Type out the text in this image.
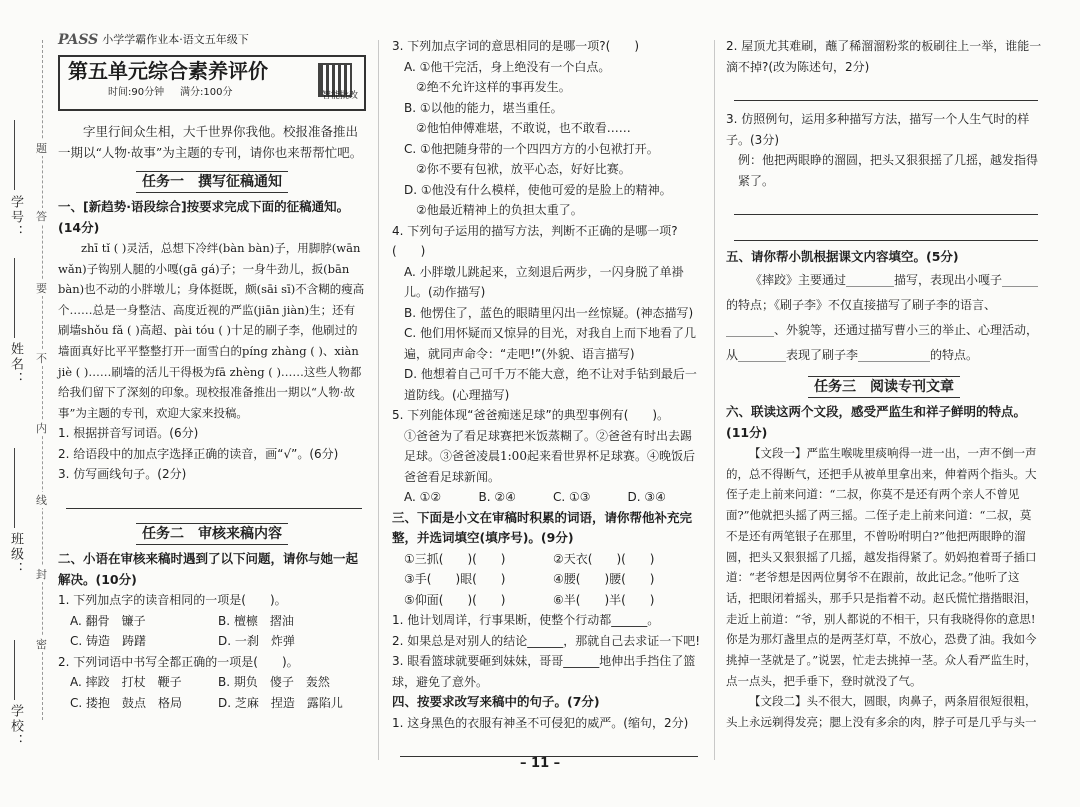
学号：
姓名：
班级：
学校：
题
答
要
不
内
线
封
密
PASS 小学学霸作业本·语文五年级下
第五单元综合素养评价
时间:90分钟 满分:100分	智能批改

字里行间众生相，大千世界你我他。校报准备推出一期以“人物·故事”为主题的专刊，请你也来帮帮忙吧。

任务一　撰写征稿通知
一、[新趋势·语段综合]按要求完成下面的征稿通知。(14分)

zhī tǐ ( )灵活，总想下冷绊(bàn bàn)子，用脚脖(wān wǎn)子钩别人腿的小嘎(gā gá)子；一身牛劲儿，扳(bān bàn)也不动的小胖墩儿；身体挺既，颇(sāi sī)不含糊的瘦高个……总是一身整洁、高度近视的严监(jiān jiàn)生；还有刷墙shǒu fǎ ( )高超、pài tóu ( )十足的刷子李，他刷过的墙面真好比平平整整打开一面雪白的píng zhàng ( )、xiàn jiè ( )……刷墙的活儿干得极为fā zhèng ( )……这些人物都给我们留下了深刻的印象。现校报准备推出一期以“人物·故事”为主题的专刊，欢迎大家来投稿。

1. 根据拼音写词语。(6分)
2. 给语段中的加点字选择正确的读音，画“√”。(6分)
3. 仿写画线句子。(2分)
任务二　审核来稿内容
二、小语在审核来稿时遇到了以下问题，请你与她一起解决。(10分)
1. 下列加点字的读音相同的一项是(　　)。
A. 翻骨　镰子	B. 檀檩　摺油
C. 铸造　踌躇	D. 一刹　炸弹
2. 下列词语中书写全都正确的一项是(　　)。
A. 摔跤　打杖　鞭子	B. 期负　傻子　轰然
C. 搂抱　鼓点　格局	D. 芝麻　捏造　露陷儿
3. 下列加点字词的意思相同的是哪一项?(　　)
A. ①他干完活，身上绝没有一个白点。
②绝不允许这样的事再发生。
B. ①以他的能力，堪当重任。
②他怕伸傅难堪，不敢说，也不敢看……
C. ①他把随身带的一个四四方方的小包袱打开。
②你不要有包袱，放平心态，好好比赛。
D. ①他没有什么模样，使他可爱的是脸上的精神。
②他最近精神上的负担太重了。
4. 下列句子运用的描写方法，判断不正确的是哪一项?(　　)
A. 小胖墩儿跳起来，立刻退后两步，一闪身脱了单褂儿。(动作描写)
B. 他愣住了，蓝色的眼睛里闪出一丝惊疑。(神态描写)
C. 他们用怀疑而又惊异的目光，对我自上而下地看了几遍，就同声命令：“走吧!”(外貌、语言描写)
D. 他想着自己可千万不能大意，绝不让对手钻到最后一道防线。(心理描写)
5. 下列能体现“爸爸痴迷足球”的典型事例有(　　)。
①爸爸为了看足球赛把米饭蒸糊了。②爸爸有时出去踢足球。③爸爸凌晨1:00起来看世界杯足球赛。④晚饭后爸爸看足球新闻。
A. ①②	B. ②④	C. ①③	D. ③④
三、下面是小文在审稿时积累的词语，请你帮他补充完整，并选词填空(填序号)。(9分)
①三抓(　　)(　　)	②天衣(　　)(　　)
③手(　　)眼(　　)	④腰(　　)腰(　　)
⑤仰面(　　)(　　)	⑥半(　　)半(　　)
1. 他计划周详，行事果断，使整个行动都______。
2. 如果总是对别人的结论______，那就自己去求证一下吧!
3. 眼看篮球就要砸到妹妹，哥哥______地伸出手挡住了篮球，避免了意外。
四、按要求改写来稿中的句子。(7分)
1. 这身黑色的衣服有神圣不可侵犯的威严。(缩句，2分)
2. 屋顶尤其难刷，蘸了稀溜溜粉浆的板刷往上一举，谁能一滴不掉?(改为陈述句，2分)
3. 仿照例句，运用多种描写方法，描写一个人生气时的样子。(3分)
例：他把两眼睁的溜圆，把头又狠狠摇了几摇，越发指得紧了。
五、请你帮小凯根据课文内容填空。(5分)

《摔跤》主要通过________描写，表现出小嘎子______的特点；《刷子李》不仅直接描写了刷子李的语言、________、外貌等，还通过描写曹小三的举止、心理活动，从________表现了刷子李____________的特点。

任务三　阅读专刊文章
六、联读这两个文段，感受严监生和祥子鲜明的特点。(11分)

【文段一】严监生喉咙里痰响得一进一出，一声不倒一声的，总不得断气，还把手从被单里拿出来，伸着两个指头。大侄子走上前来问道：“二叔，你莫不是还有两个亲人不曾见面?”他就把头摇了两三摇。二侄子走上前来问道：“二叔，莫不是还有两笔银子在那里，不曾吩咐明白?”他把两眼睁的溜圆，把头又狠狠摇了几摇，越发指得紧了。奶妈抱着哥子插口道：“老爷想是因两位舅爷不在跟前，故此记念。”他听了这话，把眼闭着摇头，那手只是指着不动。赵氏慌忙揩揩眼泪，走近上前道：“爷，别人都说的不相干，只有我晓得你的意思!你是为那灯盏里点的是两茎灯草，不放心，恐费了油。我如今挑掉一茎就是了。”说罢，忙走去挑掉一茎。众人看严监生时，点一点头，把手垂下，登时就没了气。

【文段二】头不很大，圆眼，肉鼻子，两条眉很短很粗，头上永远剃得发亮；腮上没有多余的肉，脖子可是几乎与头一

– 11 –
